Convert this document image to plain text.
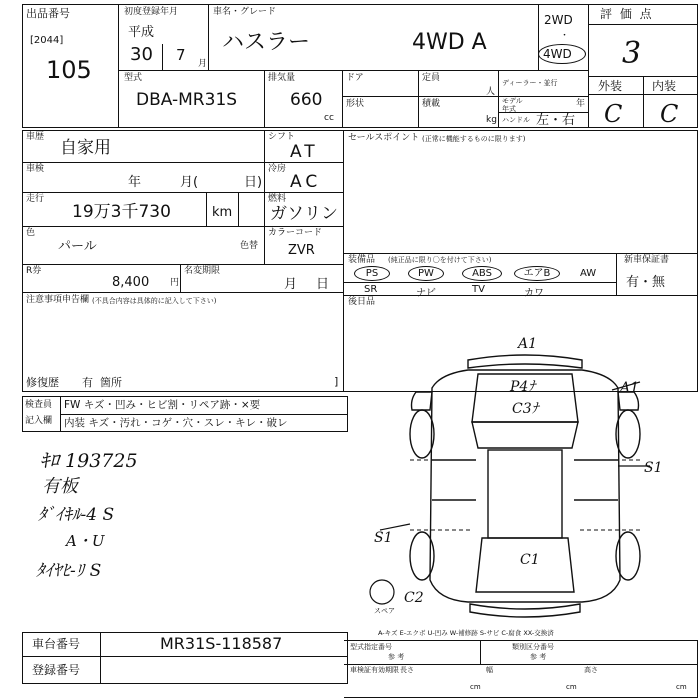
出品番号
[2044]
105
初度登録年月
平成
30 7 月
車名・グレード
ハスラー	4WD A
2WD
・
4WD
評 価 点
3
型式
DBA-MR31S
排気量
660
cc
ドア	定員
人
ディーラー・並行
形状	積載
kg
モデル年式	年
ハンドル 左・右
外装 内装
C C
車歴
自家用
シフト
AT
車検
年	月(	日)
冷房
AC
走行
19万3千730	km
燃料
ガソリン
色
パール	色替
カラーコード
ZVR
R券
8,400 円
名変期限
月 日
注意事項申告欄 (不具合内容は具体的に記入して下さい)
修復歴 有 箇所	]
セールスポイント (正常に機能するものに限ります)
装備品 (純正品に限り〇を付けて下さい)	新車保証書
有・無
PS	PW	ABS	エアB	AW
SR	ナビ	TV	カワ
後日品
検査員
記入欄
FW キズ・凹み・ヒビ割・リペア跡・×要
内装 キズ・汚れ・コゲ・穴・スレ・キレ・破レ
ｷﾛ 193725
有板
ﾀﾞｲｷﾙ-4 S
A・U
ﾀｲﾔﾋ-ﾘ S
A1
P4ﾅ
C3ﾅ
A1
S1
S1
C1
C2
スペア
A-キズ E-エクボ U-凹み W-補修跡 S-サビ C-腐食 XX-交換済
車台番号	MR31S-118587
登録番号
型式指定番号
参 考
類別区分番号
参 考
車検証有効期限 長さ
cm
幅
cm
高さ
cm
